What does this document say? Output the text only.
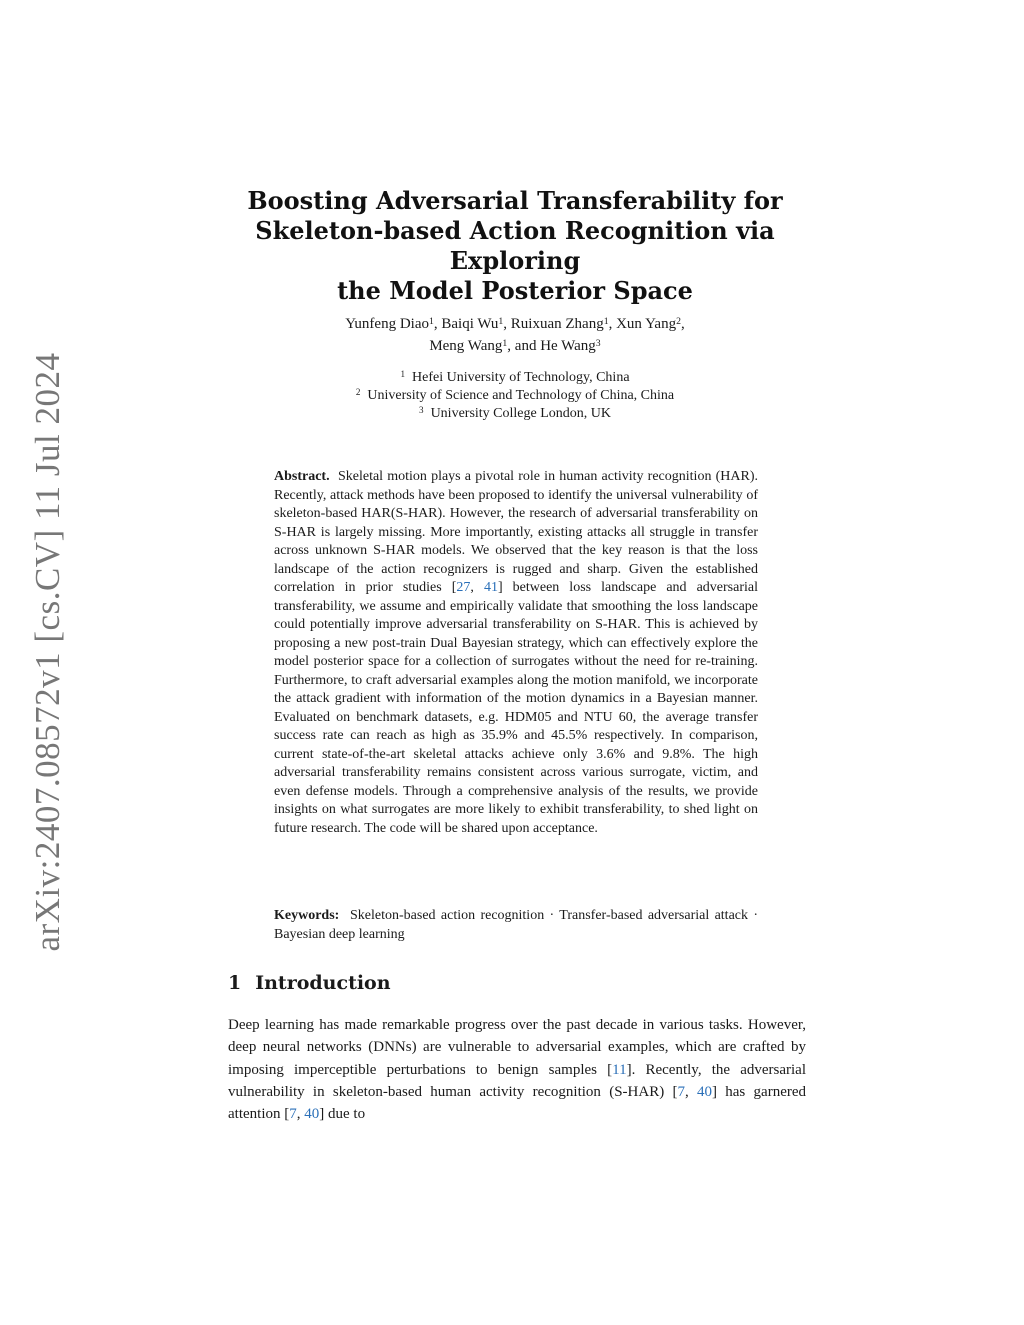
arXiv:2407.08572v1 [cs.CV] 11 Jul 2024
Boosting Adversarial Transferability for
Skeleton-based Action Recognition via Exploring
the Model Posterior Space
Yunfeng Diao$^1$, Baiqi Wu$^1$, Ruixuan Zhang$^1$, Xun Yang$^2$,
Meng Wang$^1$, and He Wang$^3$
$^1$ Hefei University of Technology, China
$^2$ University of Science and Technology of China, China
$^3$ University College London, UK
Abstract. Skeletal motion plays a pivotal role in human activity recognition (HAR). Recently, attack methods have been proposed to identify the universal vulnerability of skeleton-based HAR(S-HAR). However, the research of adversarial transferability on S-HAR is largely missing. More importantly, existing attacks all struggle in transfer across unknown S-HAR models. We observed that the key reason is that the loss landscape of the action recognizers is rugged and sharp. Given the established correlation in prior studies [27, 41] between loss landscape and adversarial transferability, we assume and empirically validate that smoothing the loss landscape could potentially improve adversarial transferability on S-HAR. This is achieved by proposing a new post-train Dual Bayesian strategy, which can effectively explore the model posterior space for a collection of surrogates without the need for re-training. Furthermore, to craft adversarial examples along the motion manifold, we incorporate the attack gradient with information of the motion dynamics in a Bayesian manner. Evaluated on benchmark datasets, e.g. HDM05 and NTU 60, the average transfer success rate can reach as high as 35.9% and 45.5% respectively. In comparison, current state-of-the-art skeletal attacks achieve only 3.6% and 9.8%. The high adversarial transferability remains consistent across various surrogate, victim, and even defense models. Through a comprehensive analysis of the results, we provide insights on what surrogates are more likely to exhibit transferability, to shed light on future research. The code will be shared upon acceptance.
Keywords: Skeleton-based action recognition · Transfer-based adversarial attack · Bayesian deep learning
1 Introduction
Deep learning has made remarkable progress over the past decade in various tasks. However, deep neural networks (DNNs) are vulnerable to adversarial examples, which are crafted by imposing imperceptible perturbations to benign samples [11]. Recently, the adversarial vulnerability in skeleton-based human activity recognition (S-HAR) [7, 40] has garnered attention [7, 40] due to
